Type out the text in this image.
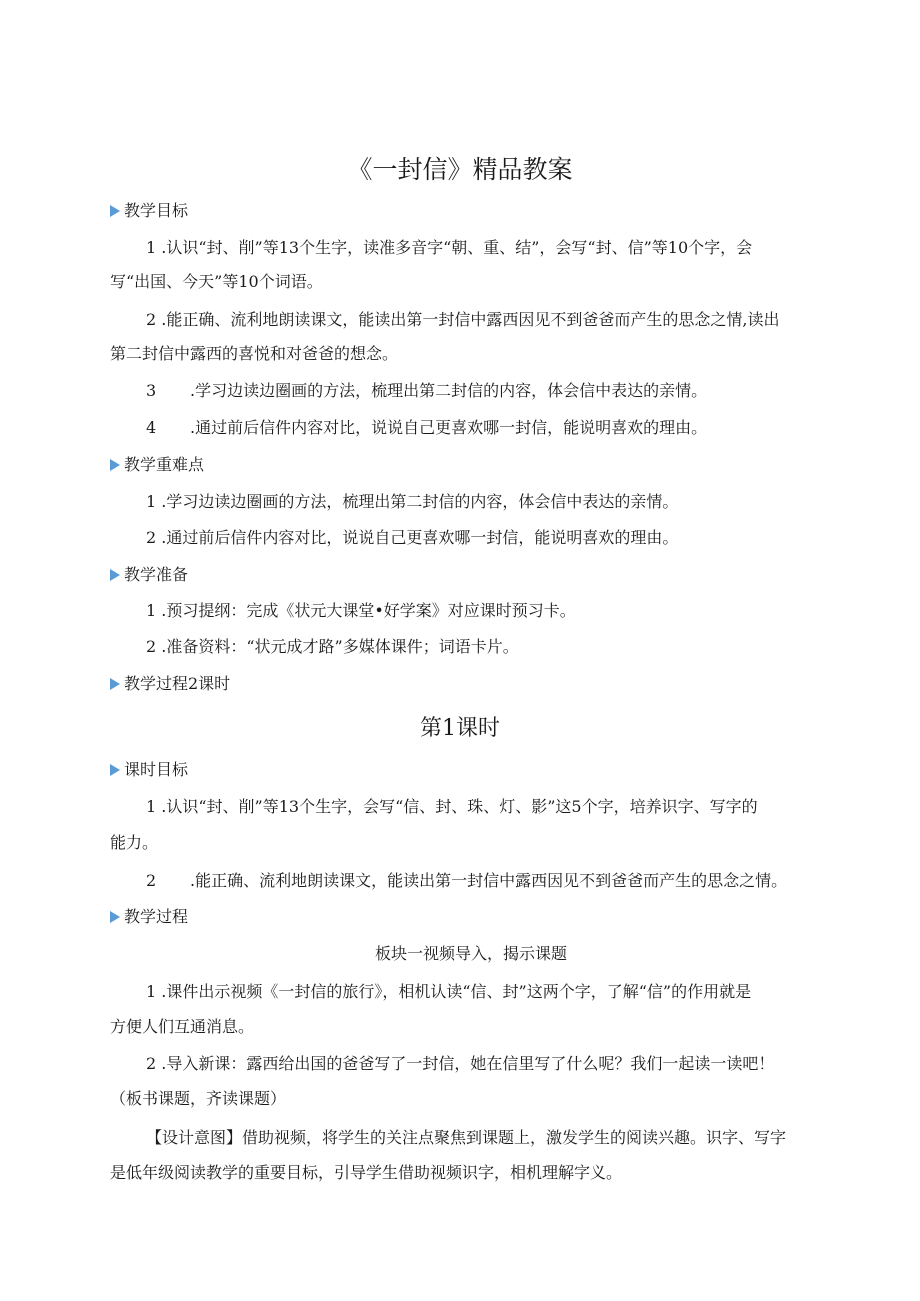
《一封信》精品教案
教学目标
1 .认识“封、削”等13个生字，读准多音字“朝、重、结”，会写“封、信”等10个字，会
写“出国、今天”等10个词语。
2 .能正确、流利地朗读课文，能读出第一封信中露西因见不到爸爸而产生的思念之情,读出
第二封信中露西的喜悦和对爸爸的想念。
3 .学习边读边圈画的方法，梳理出第二封信的内容，体会信中表达的亲情。
4 .通过前后信件内容对比，说说自己更喜欢哪一封信，能说明喜欢的理由。
教学重难点
1 .学习边读边圈画的方法，梳理出第二封信的内容，体会信中表达的亲情。
2 .通过前后信件内容对比，说说自己更喜欢哪一封信，能说明喜欢的理由。
教学准备
1 .预习提纲：完成《状元大课堂•好学案》对应课时预习卡。
2 .准备资料：“状元成才路”多媒体课件；词语卡片。
教学过程2课时
第1课时
课时目标
1 .认识“封、削”等13个生字，会写“信、封、珠、灯、影”这5个字，培养识字、写字的
能力。
2 .能正确、流利地朗读课文，能读出第一封信中露西因见不到爸爸而产生的思念之情。
教学过程
板块一视频导入，揭示课题
1 .课件出示视频《一封信的旅行》，相机认读“信、封”这两个字，了解“信”的作用就是
方便人们互通消息。
2 .导入新课：露西给出国的爸爸写了一封信，她在信里写了什么呢？我们一起读一读吧！
（板书课题，齐读课题）
【设计意图】借助视频，将学生的关注点聚焦到课题上，激发学生的阅读兴趣。识字、写字
是低年级阅读教学的重要目标，引导学生借助视频识字，相机理解字义。
